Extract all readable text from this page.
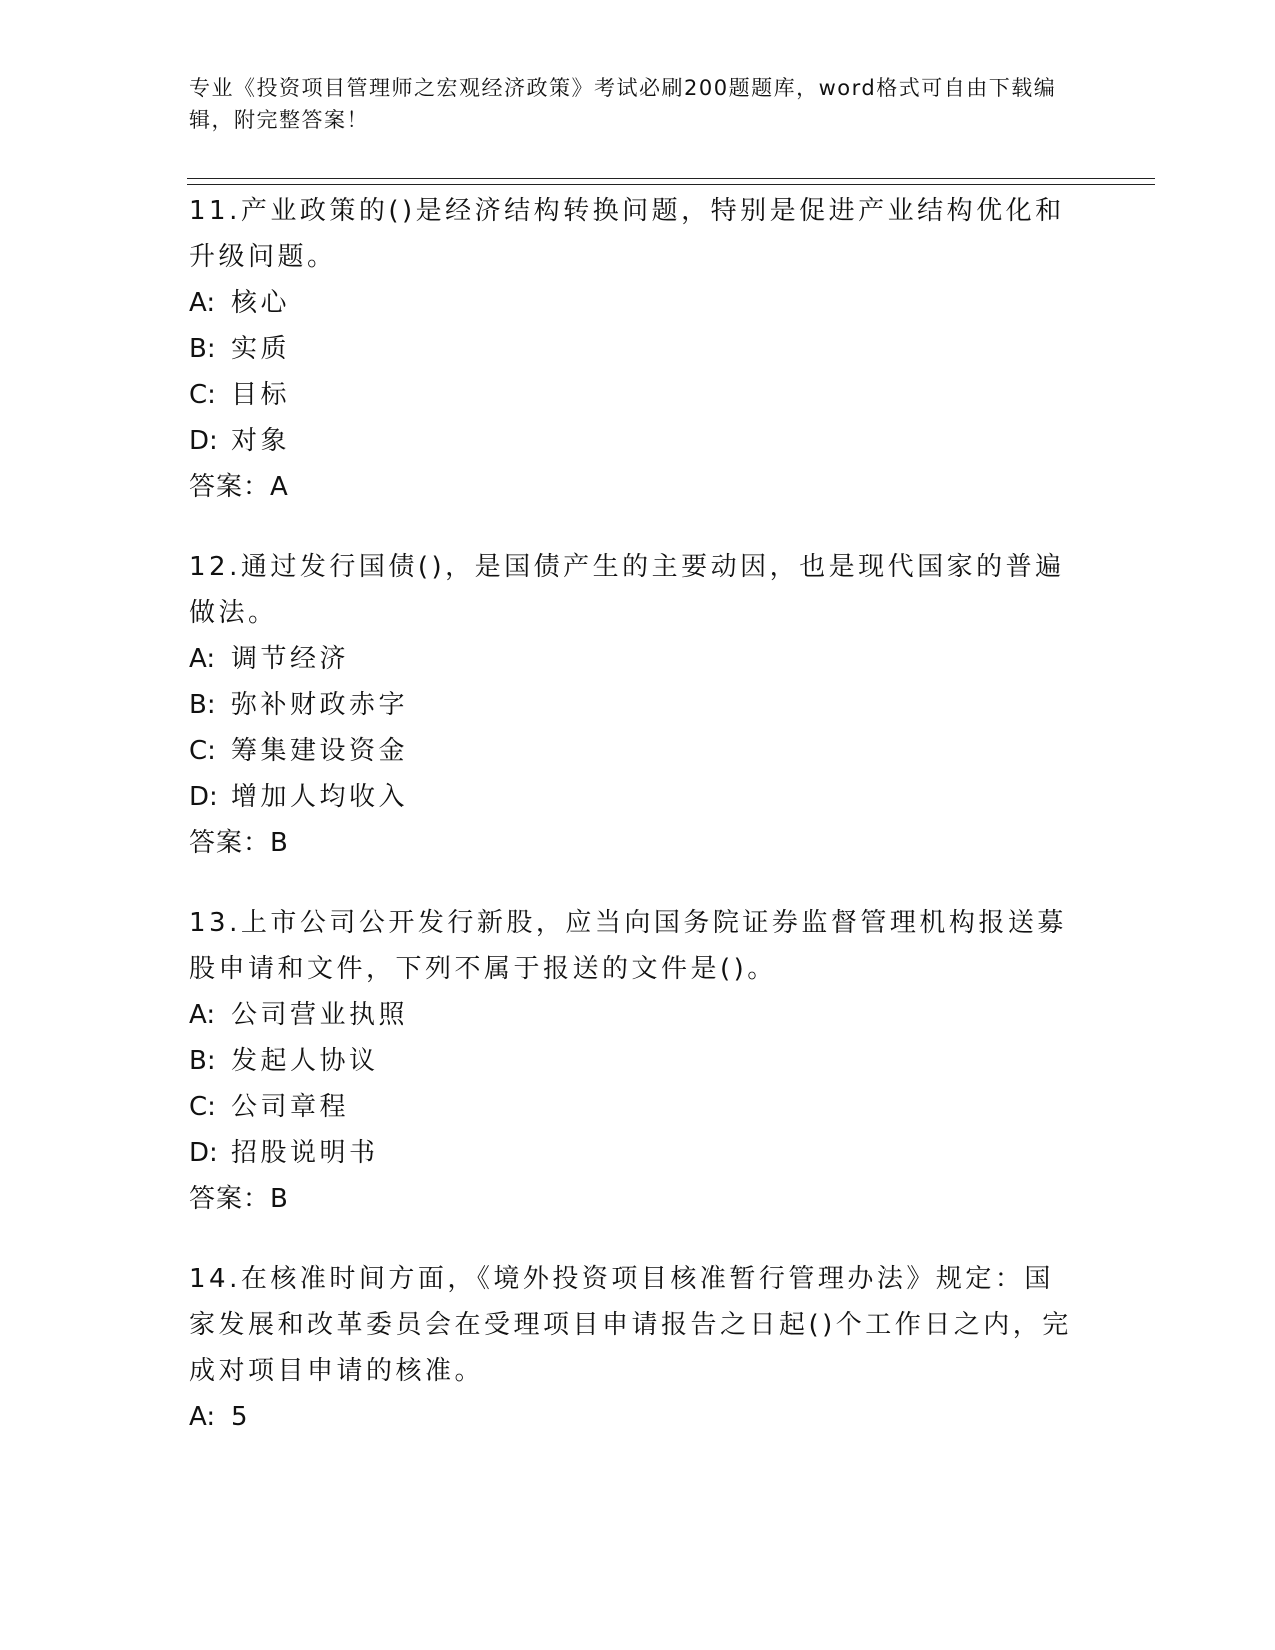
专业《投资项目管理师之宏观经济政策》考试必刷200题题库，word格式可自由下载编辑，附完整答案！
11.产业政策的()是经济结构转换问题，特别是促进产业结构优化和升级问题。
A: 核心
B: 实质
C: 目标
D: 对象
答案：A
12.通过发行国债()，是国债产生的主要动因，也是现代国家的普遍做法。
A: 调节经济
B: 弥补财政赤字
C: 筹集建设资金
D: 增加人均收入
答案：B
13.上市公司公开发行新股，应当向国务院证券监督管理机构报送募股申请和文件，下列不属于报送的文件是()。
A: 公司营业执照
B: 发起人协议
C: 公司章程
D: 招股说明书
答案：B
14.在核准时间方面，《境外投资项目核准暂行管理办法》规定：国家发展和改革委员会在受理项目申请报告之日起()个工作日之内，完成对项目申请的核准。
A: 5
